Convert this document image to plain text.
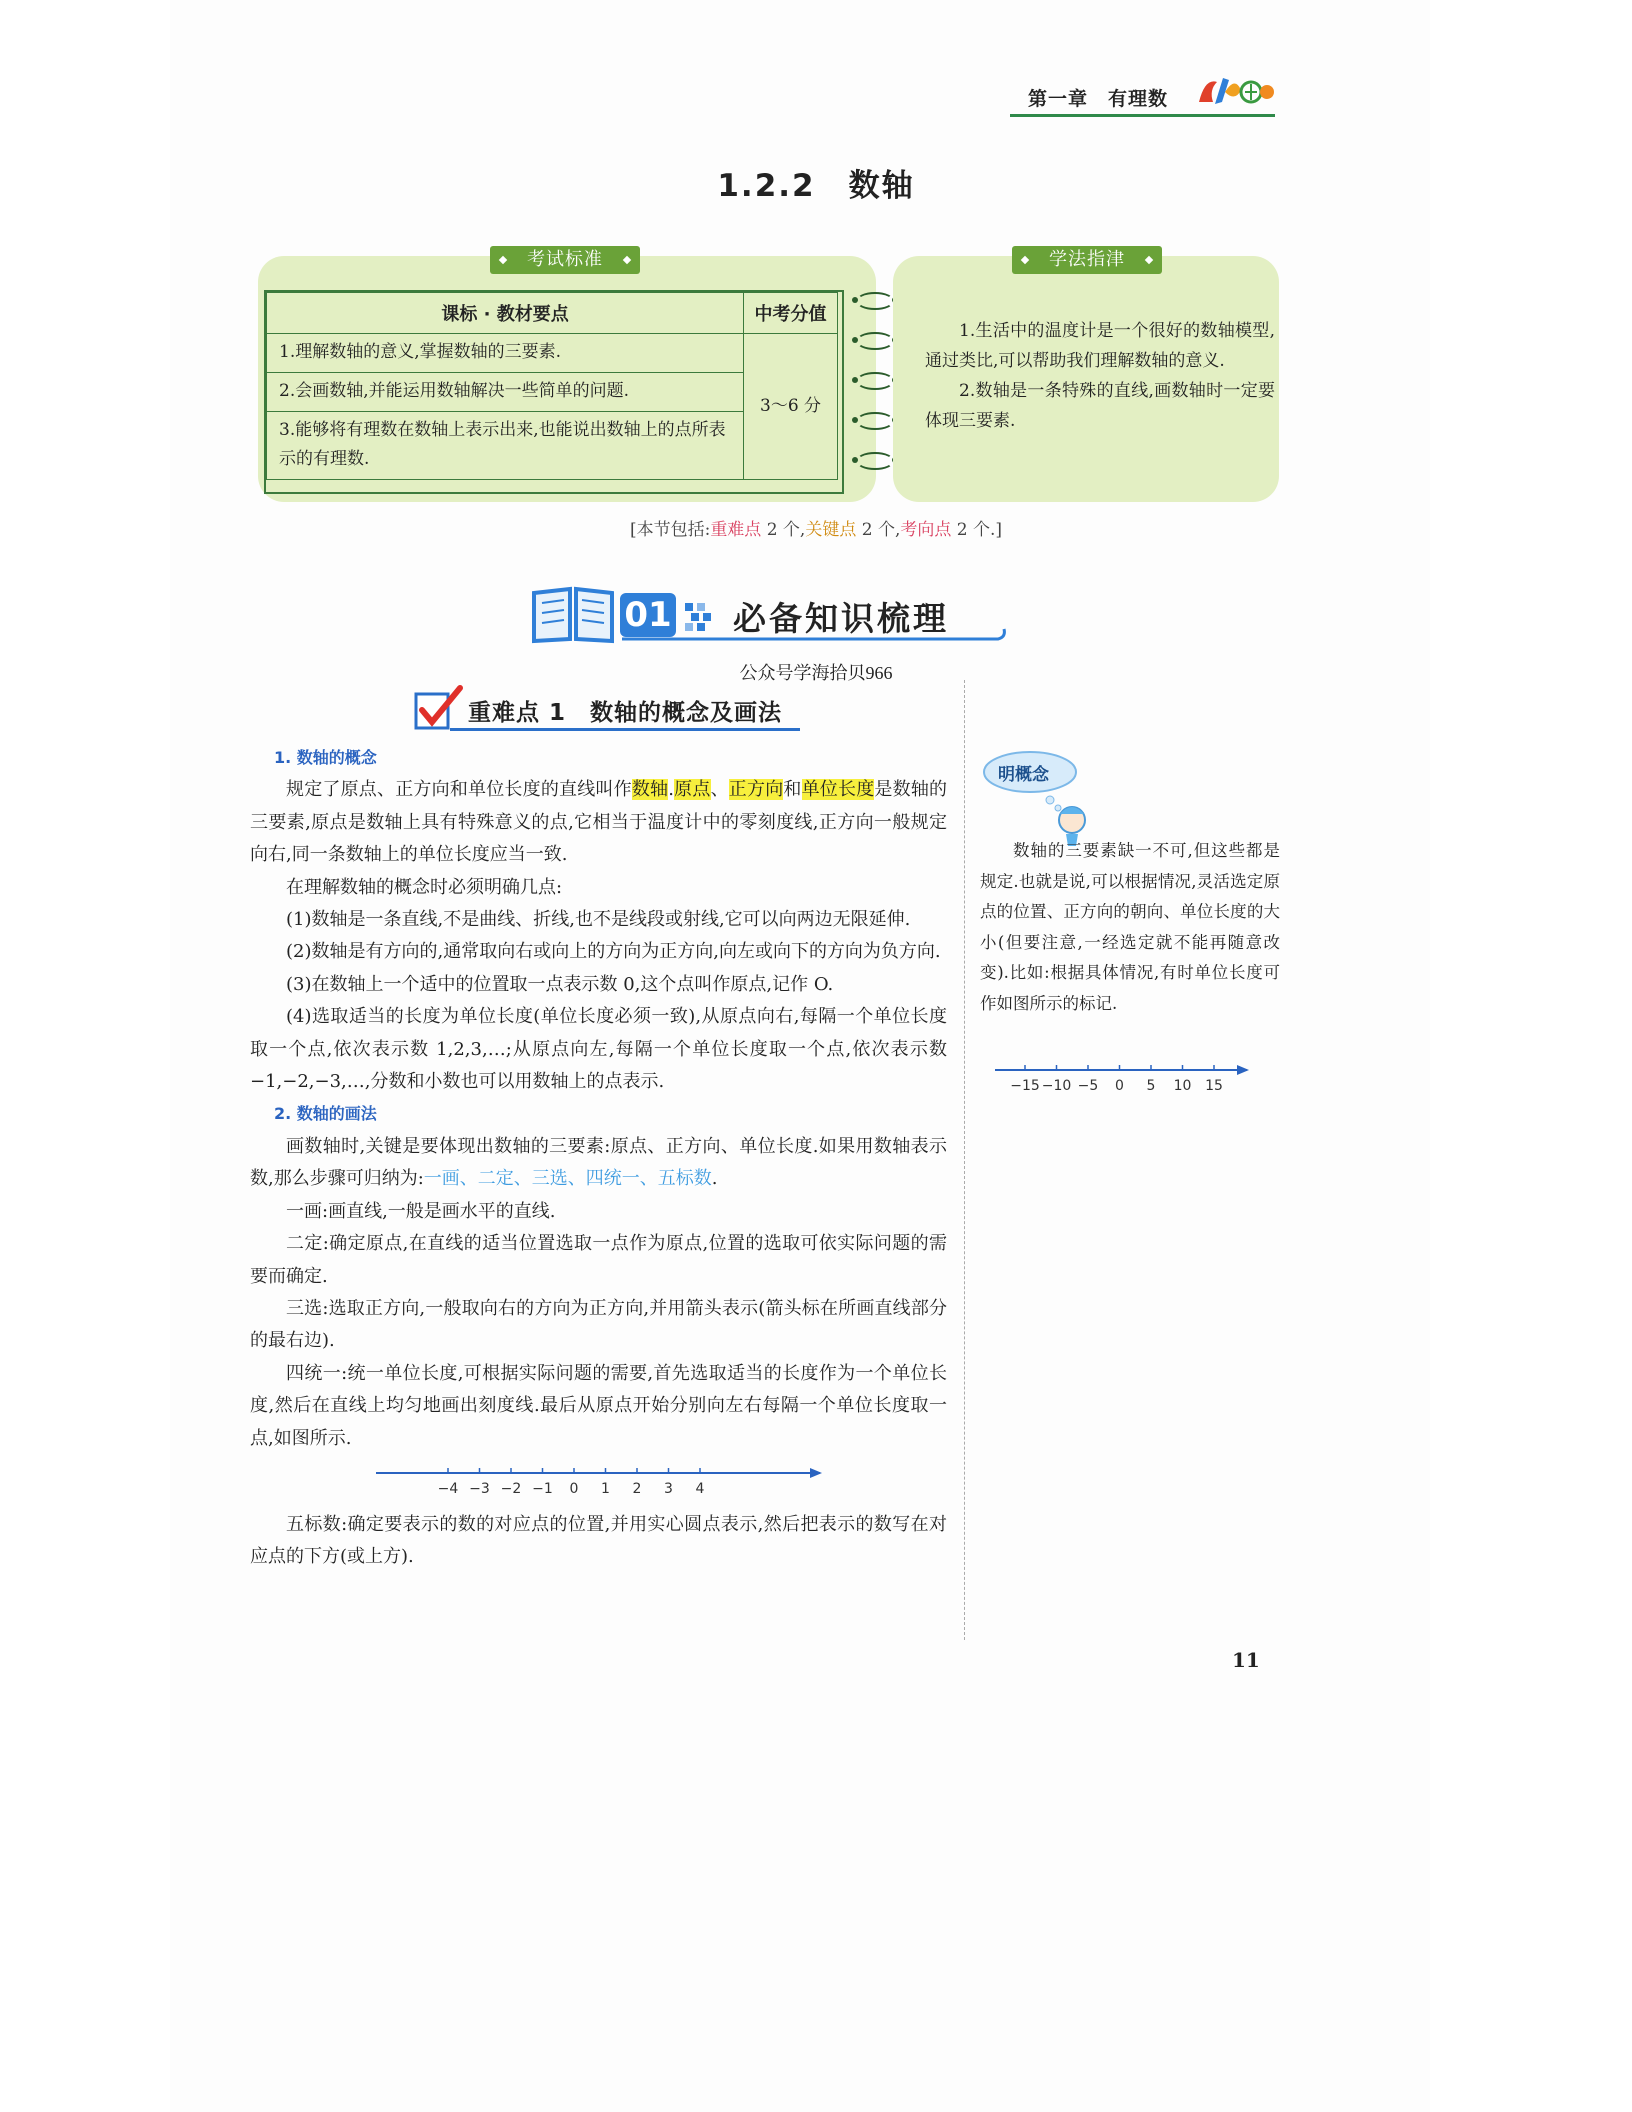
第一章　有理数
1.2.2　数轴
考试标准
课标 · 教材要点	中考分值
1.理解数轴的意义,掌握数轴的三要素.	3～6 分
2.会画数轴,并能运用数轴解决一些简单的问题.	
3.能够将有理数在数轴上表示出来,也能说出数轴上的点所表示的有理数.	
学法指津

1.生活中的温度计是一个很好的数轴模型,通过类比,可以帮助我们理解数轴的意义.

2.数轴是一条特殊的直线,画数轴时一定要体现三要素.

[本节包括:重难点 2 个,关键点 2 个,考向点 2 个.]
01 必备知识梳理
公众号学海拾贝966
重难点 1　数轴的概念及画法
1. 数轴的概念

规定了原点、正方向和单位长度的直线叫作数轴.原点、正方向和单位长度是数轴的三要素,原点是数轴上具有特殊意义的点,它相当于温度计中的零刻度线,正方向一般规定向右,同一条数轴上的单位长度应当一致.

在理解数轴的概念时必须明确几点:

(1)数轴是一条直线,不是曲线、折线,也不是线段或射线,它可以向两边无限延伸.

(2)数轴是有方向的,通常取向右或向上的方向为正方向,向左或向下的方向为负方向.

(3)在数轴上一个适中的位置取一点表示数 0,这个点叫作原点,记作 O.

(4)选取适当的长度为单位长度(单位长度必须一致),从原点向右,每隔一个单位长度取一个点,依次表示数 1,2,3,…;从原点向左,每隔一个单位长度取一个点,依次表示数 −1,−2,−3,…,分数和小数也可以用数轴上的点表示.

2. 数轴的画法

画数轴时,关键是要体现出数轴的三要素:原点、正方向、单位长度.如果用数轴表示数,那么步骤可归纳为:一画、二定、三选、四统一、五标数.

一画:画直线,一般是画水平的直线.

二定:确定原点,在直线的适当位置选取一点作为原点,位置的选取可依实际问题的需要而确定.

三选:选取正方向,一般取向右的方向为正方向,并用箭头表示(箭头标在所画直线部分的最右边).

四统一:统一单位长度,可根据实际问题的需要,首先选取适当的长度作为一个单位长度,然后在直线上均匀地画出刻度线.最后从原点开始分别向左右每隔一个单位长度取一点,如图所示.

−4 −3 −2 −1 0 1 2 3 4

五标数:确定要表示的数的对应点的位置,并用实心圆点表示,然后把表示的数写在对应点的下方(或上方).

明概念

数轴的三要素缺一不可,但这些都是规定.也就是说,可以根据情况,灵活选定原点的位置、正方向的朝向、单位长度的大小(但要注意,一经选定就不能再随意改变).比如:根据具体情况,有时单位长度可作如图所示的标记.

−15 −10 −5 0 5 10 15
11
